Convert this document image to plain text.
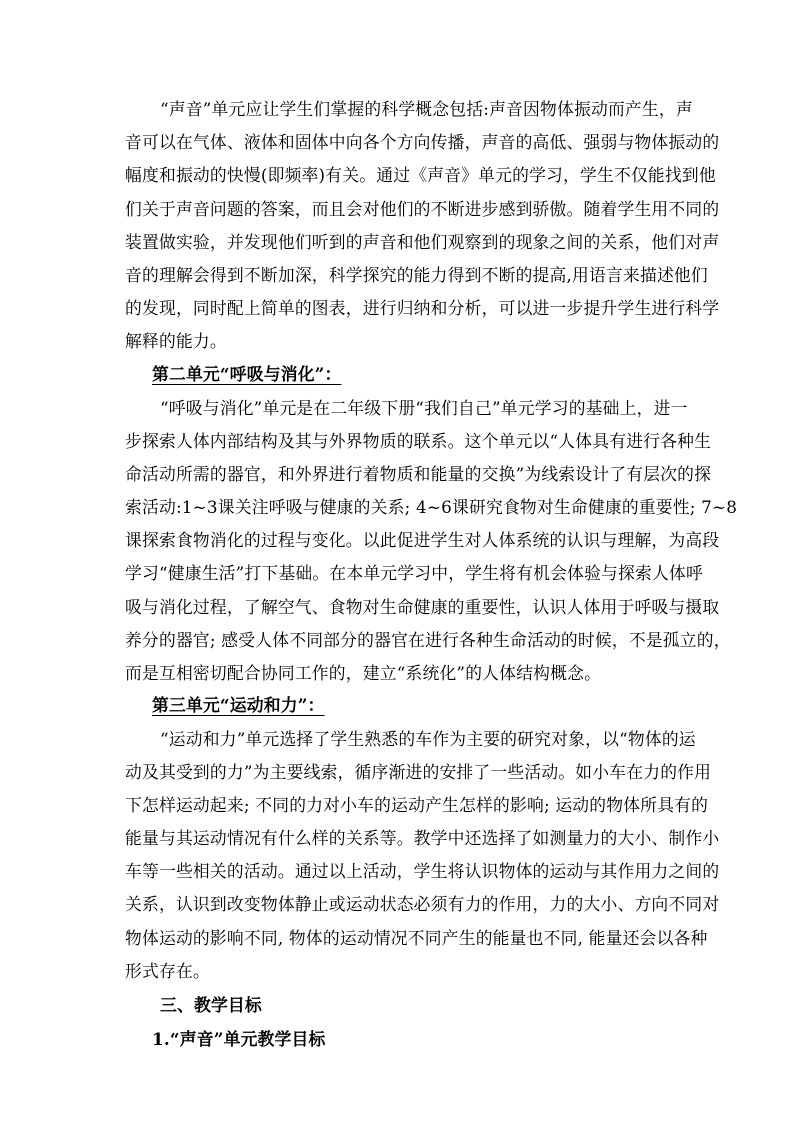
“声音”单元应让学生们掌握的科学概念包括:声音因物体振动而产生，声
音可以在气体、液体和固体中向各个方向传播，声音的高低、强弱与物体振动的
幅度和振动的快慢(即频率)有关。通过《声音》单元的学习，学生不仅能找到他
们关于声音问题的答案，而且会对他们的不断进步感到骄傲。随着学生用不同的
装置做实验，并发现他们听到的声音和他们观察到的现象之间的关系，他们对声
音的理解会得到不断加深，科学探究的能力得到不断的提高,用语言来描述他们
的发现，同时配上简单的图表，进行归纳和分析，可以进一步提升学生进行科学
解释的能力。
第二单元“呼吸与消化”：
“呼吸与消化”单元是在二年级下册“我们自己”单元学习的基础上，进一
步探索人体内部结构及其与外界物质的联系。这个单元以“人体具有进行各种生
命活动所需的器官，和外界进行着物质和能量的交换”为线索设计了有层次的探
索活动:1~3课关注呼吸与健康的关系; 4~6课研究食物对生命健康的重要性; 7~8
课探索食物消化的过程与变化。以此促进学生对人体系统的认识与理解，为高段
学习“健康生活”打下基础。在本单元学习中，学生将有机会体验与探索人体呼
吸与消化过程，了解空气、食物对生命健康的重要性，认识人体用于呼吸与摄取
养分的器官; 感受人体不同部分的器官在进行各种生命活动的时候，不是孤立的，
而是互相密切配合协同工作的，建立“系统化”的人体结构概念。
第三单元“运动和力”：
“运动和力”单元选择了学生熟悉的车作为主要的研究对象，以“物体的运
动及其受到的力”为主要线索，循序渐进的安排了一些活动。如小车在力的作用
下怎样运动起来; 不同的力对小车的运动产生怎样的影响; 运动的物体所具有的
能量与其运动情况有什么样的关系等。教学中还选择了如测量力的大小、制作小
车等一些相关的活动。通过以上活动，学生将认识物体的运动与其作用力之间的
关系，认识到改变物体静止或运动状态必须有力的作用，力的大小、方向不同对
物体运动的影响不同, 物体的运动情况不同产生的能量也不同, 能量还会以各种
形式存在。
三、教学目标
1.“声音”单元教学目标
